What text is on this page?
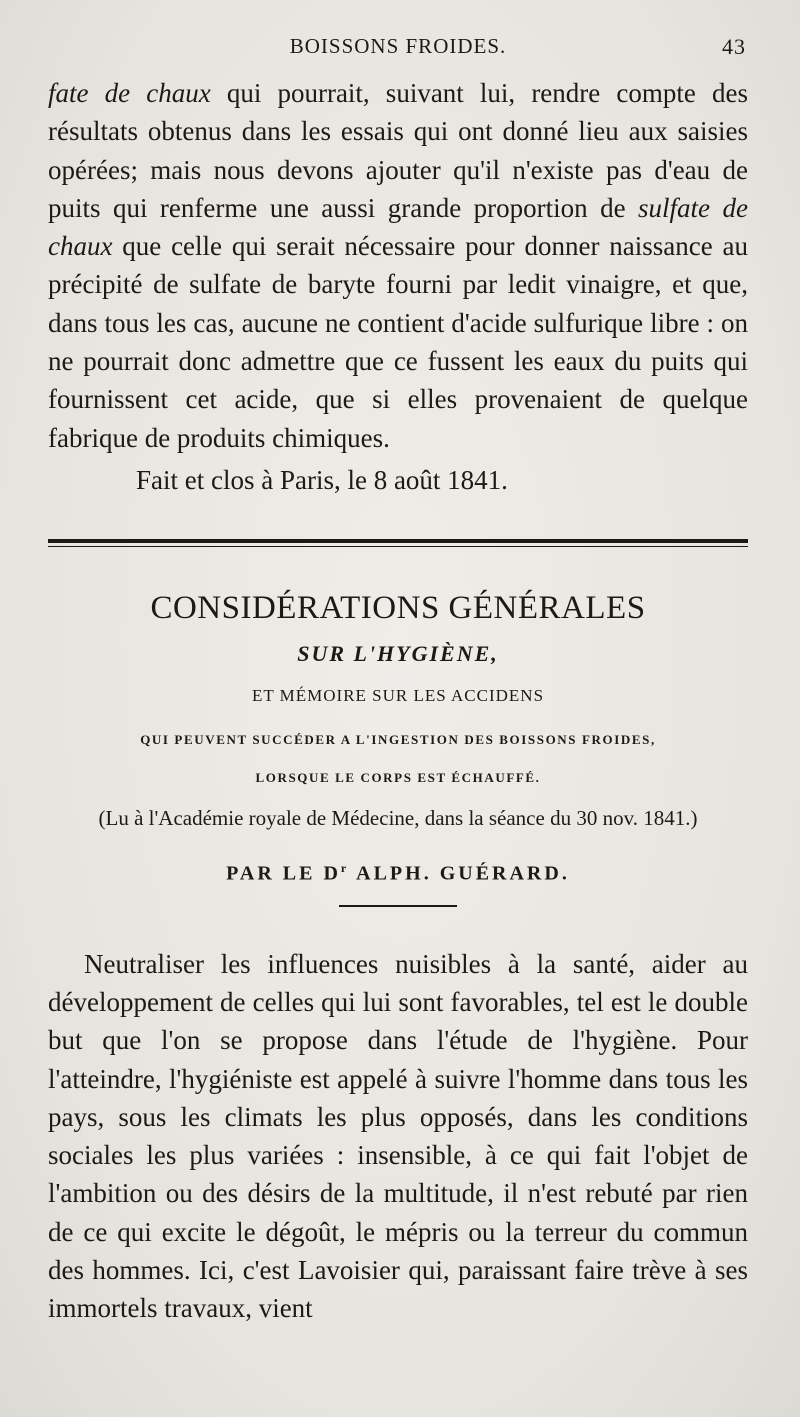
BOISSONS FROIDES.	43

fate de chaux qui pourrait, suivant lui, rendre compte des résultats obtenus dans les essais qui ont donné lieu aux saisies opérées; mais nous devons ajouter qu'il n'existe pas d'eau de puits qui renferme une aussi grande proportion de sulfate de chaux que celle qui serait nécessaire pour donner naissance au précipité de sulfate de baryte fourni par ledit vinaigre, et que, dans tous les cas, aucune ne contient d'acide sulfurique libre : on ne pourrait donc admettre que ce fussent les eaux du puits qui fournissent cet acide, que si elles provenaient de quelque fabrique de produits chimiques.

Fait et clos à Paris, le 8 août 1841.
CONSIDÉRATIONS GÉNÉRALES
SUR L'HYGIÈNE,
ET MÉMOIRE SUR LES ACCIDENS
QUI PEUVENT SUCCÉDER A L'INGESTION DES BOISSONS FROIDES,
LORSQUE LE CORPS EST ÉCHAUFFÉ.
(Lu à l'Académie royale de Médecine, dans la séance du 30 nov. 1841.)
PAR LE $D^r$ ALPH. GUÉRARD.

Neutraliser les influences nuisibles à la santé, aider au développement de celles qui lui sont favorables, tel est le double but que l'on se propose dans l'étude de l'hygiène. Pour l'atteindre, l'hygiéniste est appelé à suivre l'homme dans tous les pays, sous les climats les plus opposés, dans les conditions sociales les plus variées : insensible, à ce qui fait l'objet de l'ambition ou des désirs de la multitude, il n'est rebuté par rien de ce qui excite le dégoût, le mépris ou la terreur du commun des hommes. Ici, c'est Lavoisier qui, paraissant faire trève à ses immortels travaux, vient
